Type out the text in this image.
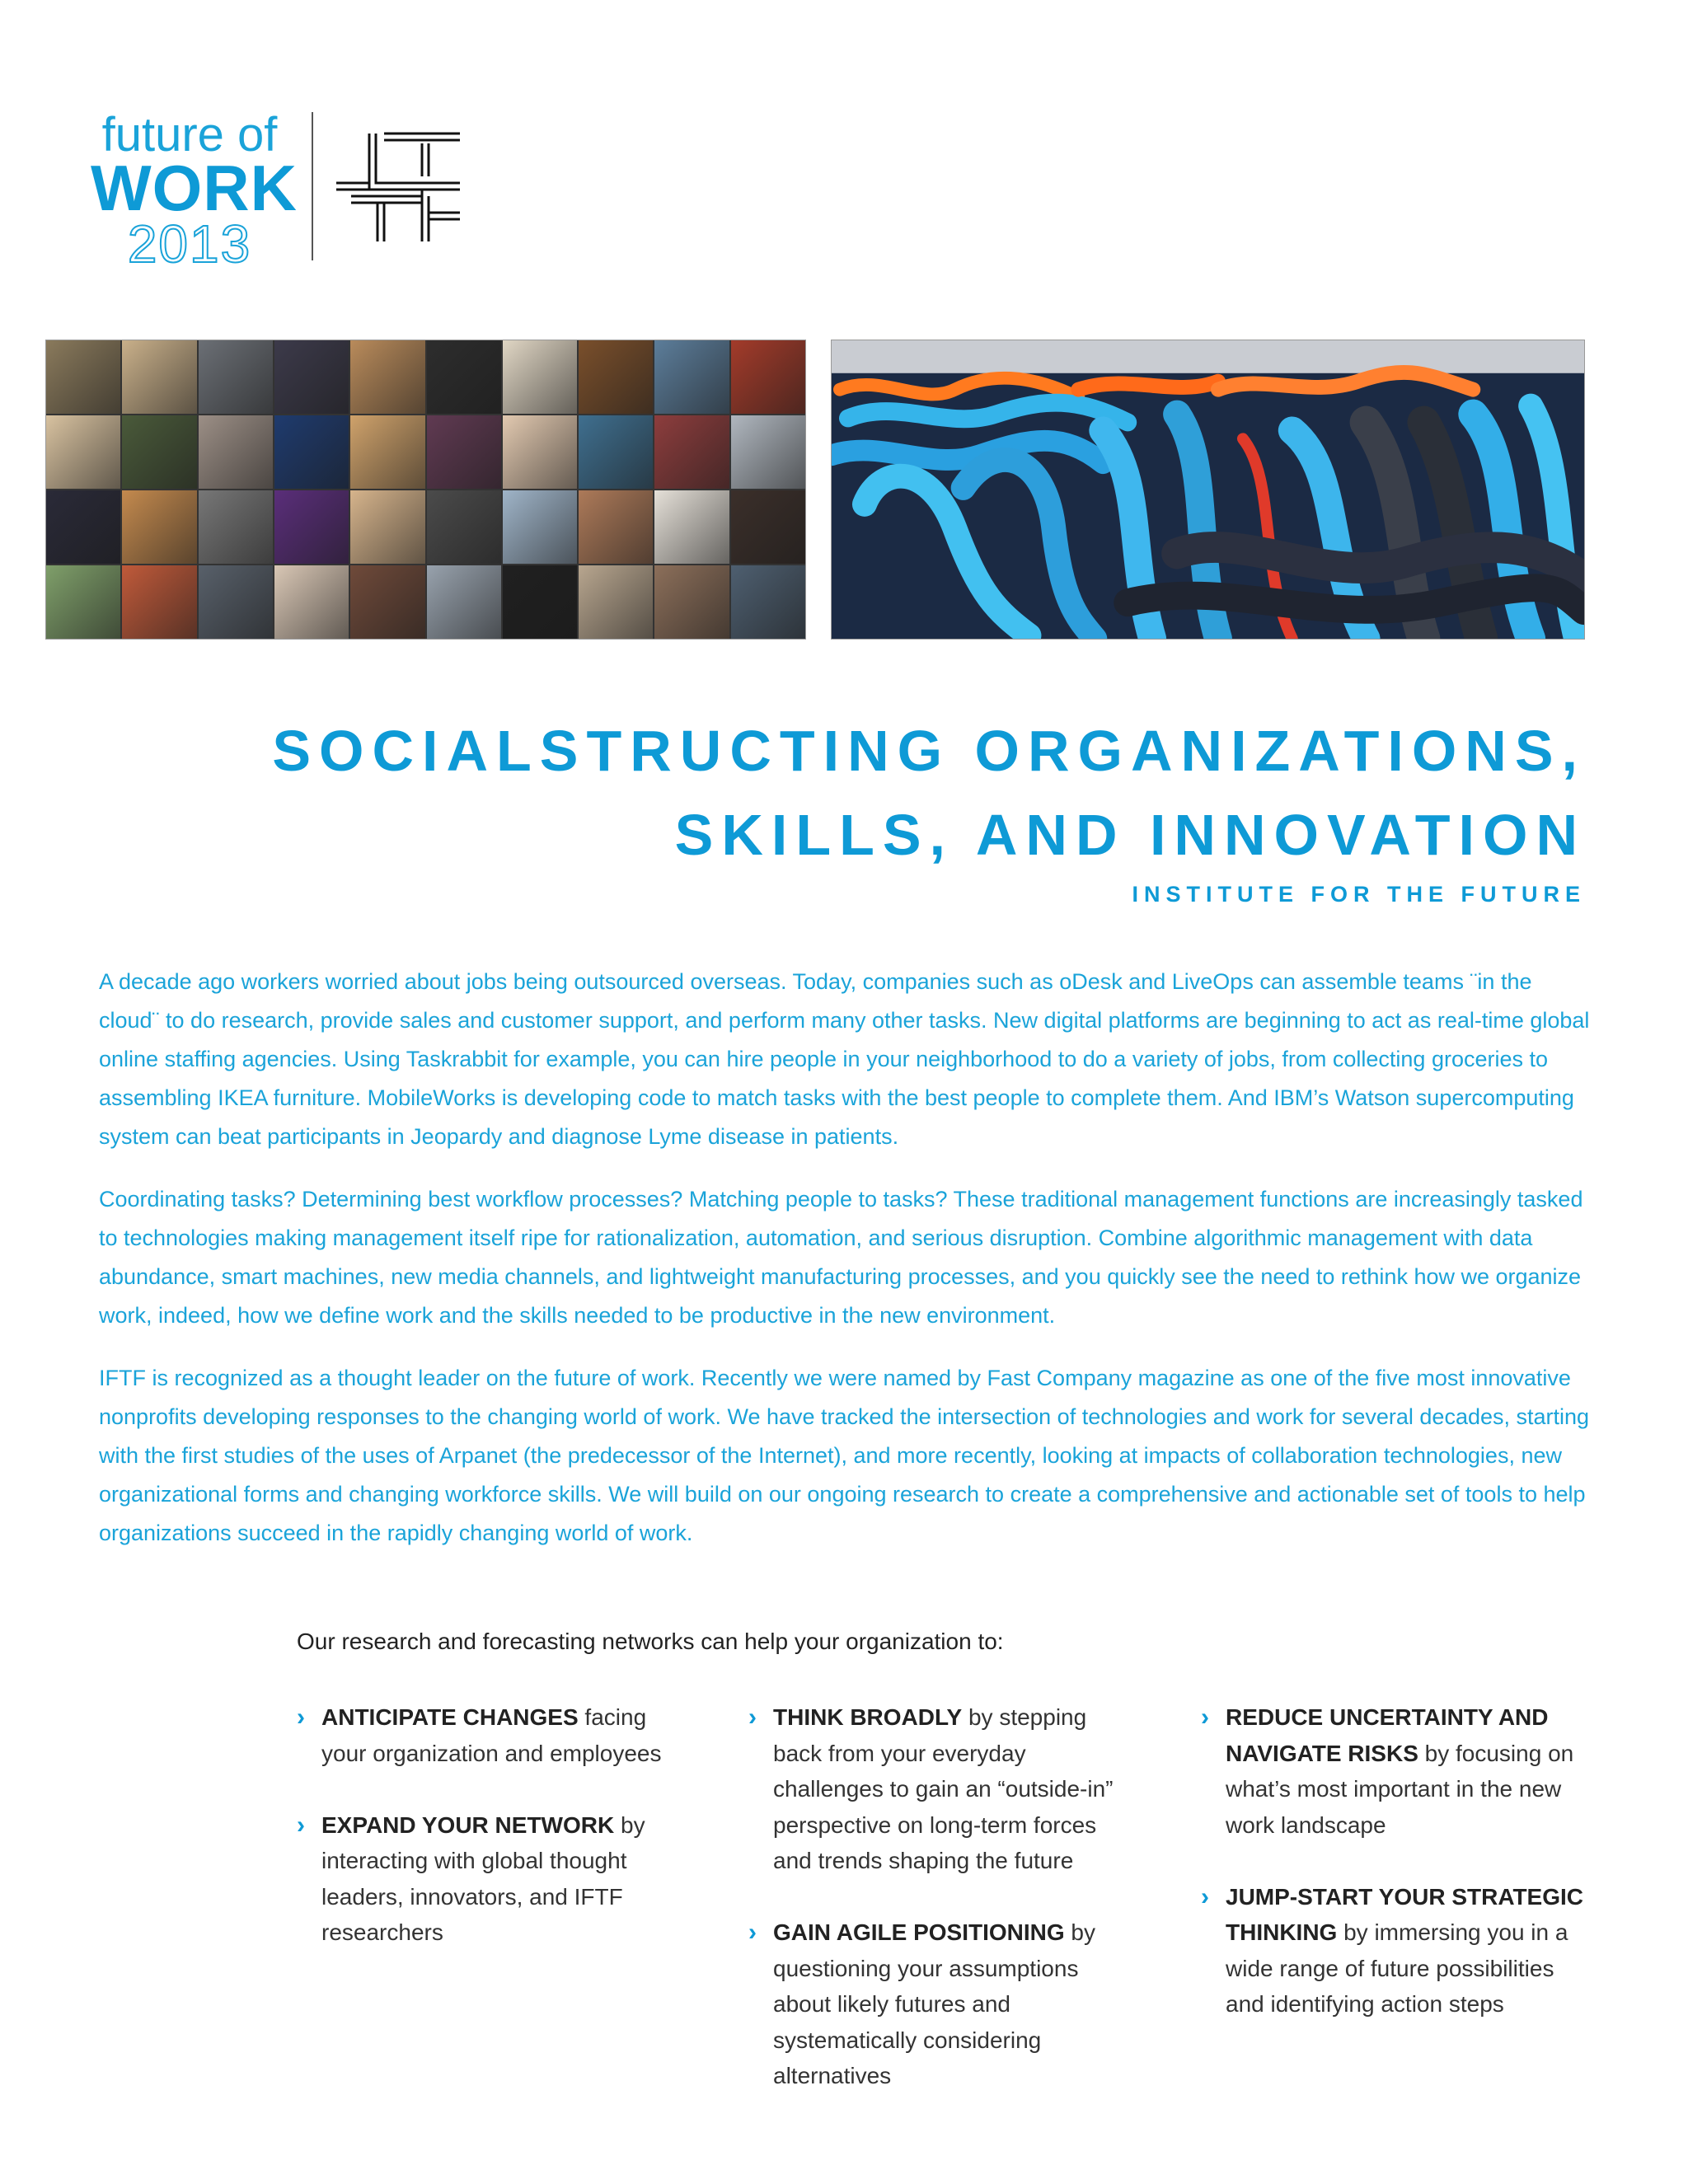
future of
WORK
2013
SOCIALSTRUCTING ORGANIZATIONS,
SKILLS, AND INNOVATION
INSTITUTE FOR THE FUTURE

A decade ago workers worried about jobs being outsourced overseas. Today, companies such as oDesk and LiveOps can assemble teams ¨in the cloud¨ to do research, provide sales and customer support, and perform many other tasks. New digital platforms are beginning to act as real-time global online staffing agencies. Using Taskrabbit for example, you can hire people in your neighborhood to do a variety of jobs, from collecting groceries to assembling IKEA furniture. MobileWorks is developing code to match tasks with the best people to complete them. And IBM’s Watson supercomputing system can beat participants in Jeopardy and diagnose Lyme disease in patients.

Coordinating tasks? Determining best workflow processes? Matching people to tasks? These traditional management functions are increasingly tasked to technologies making management itself ripe for rationalization, automation, and serious disruption. Combine algorithmic management with data abundance, smart machines, new media channels, and lightweight manufacturing processes, and you quickly see the need to rethink how we organize work, indeed, how we define work and the skills needed to be productive in the new environment.

IFTF is recognized as a thought leader on the future of work. Recently we were named by Fast Company magazine as one of the five most innovative nonprofits developing responses to the changing world of work. We have tracked the intersection of technologies and work for several decades, starting with the first studies of the uses of Arpanet (the predecessor of the Internet), and more recently, looking at impacts of collaboration technologies, new organizational forms and changing workforce skills. We will build on our ongoing research to create a comprehensive and actionable set of tools to help organizations succeed in the rapidly changing world of work.

Our research and forecasting networks can help your organization to:
› ANTICIPATE CHANGES facing your organization and employees
› EXPAND YOUR NETWORK by interacting with global thought leaders, innovators, and IFTF researchers
› THINK BROADLY by stepping back from your everyday challenges to gain an “outside-in” perspective on long-term forces and trends shaping the future
› GAIN AGILE POSITIONING by questioning your assumptions about likely futures and systematically considering alternatives
› REDUCE UNCERTAINTY AND NAVIGATE RISKS by focusing on what’s most important in the new work landscape
› JUMP-START YOUR STRATEGIC THINKING by immersing you in a wide range of future possibilities and identifying action steps
